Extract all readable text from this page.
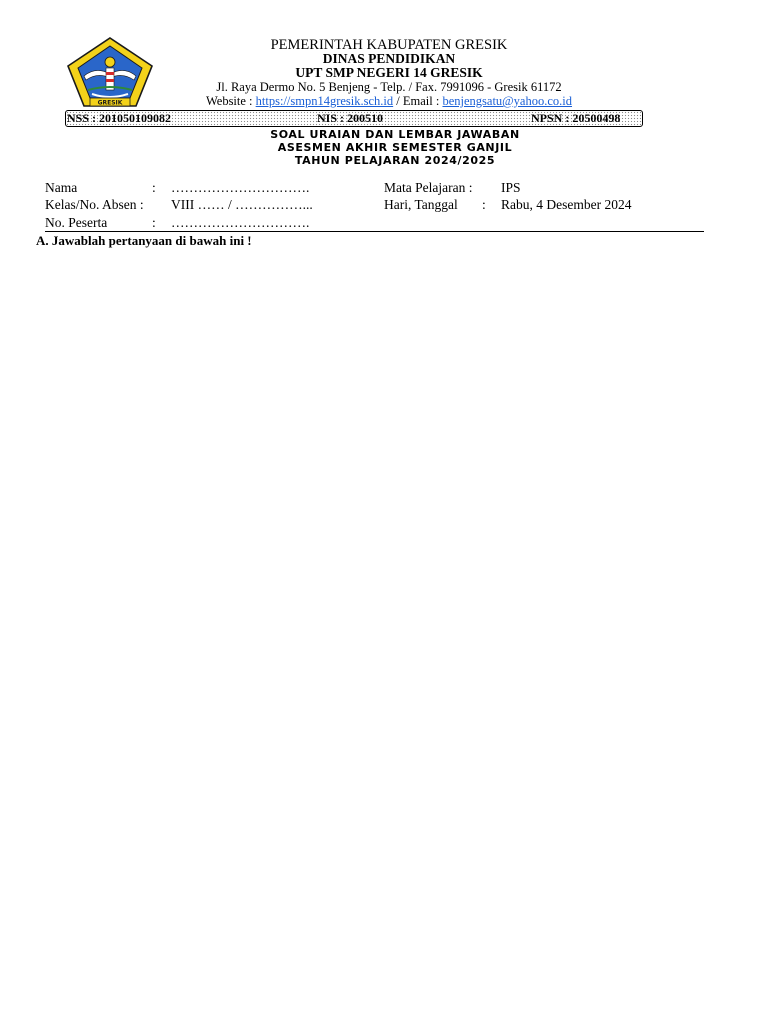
GRESIK
PEMERINTAH KABUPATEN GRESIK
DINAS PENDIDIKAN
UPT SMP NEGERI 14 GRESIK
Jl. Raya Dermo No. 5 Benjeng - Telp. / Fax. 7991096 - Gresik 61172
Website : https://smpn14gresik.sch.id / Email : benjengsatu@yahoo.co.id
NSS : 201050109082	NIS : 200510	NPSN : 20500498
SOAL URAIAN DAN LEMBAR JAWABAN
ASESMEN AKHIR SEMESTER GANJIL
TAHUN PELAJARAN 2024/2025
Nama	: ………………………….
Kelas/No. Absen : VIII …… / ……………...
No. Peserta	: ………………………….
Mata Pelajaran : IPS
Hari, Tanggal : Rabu, 4 Desember 2024
A. Jawablah pertanyaan di bawah ini !
